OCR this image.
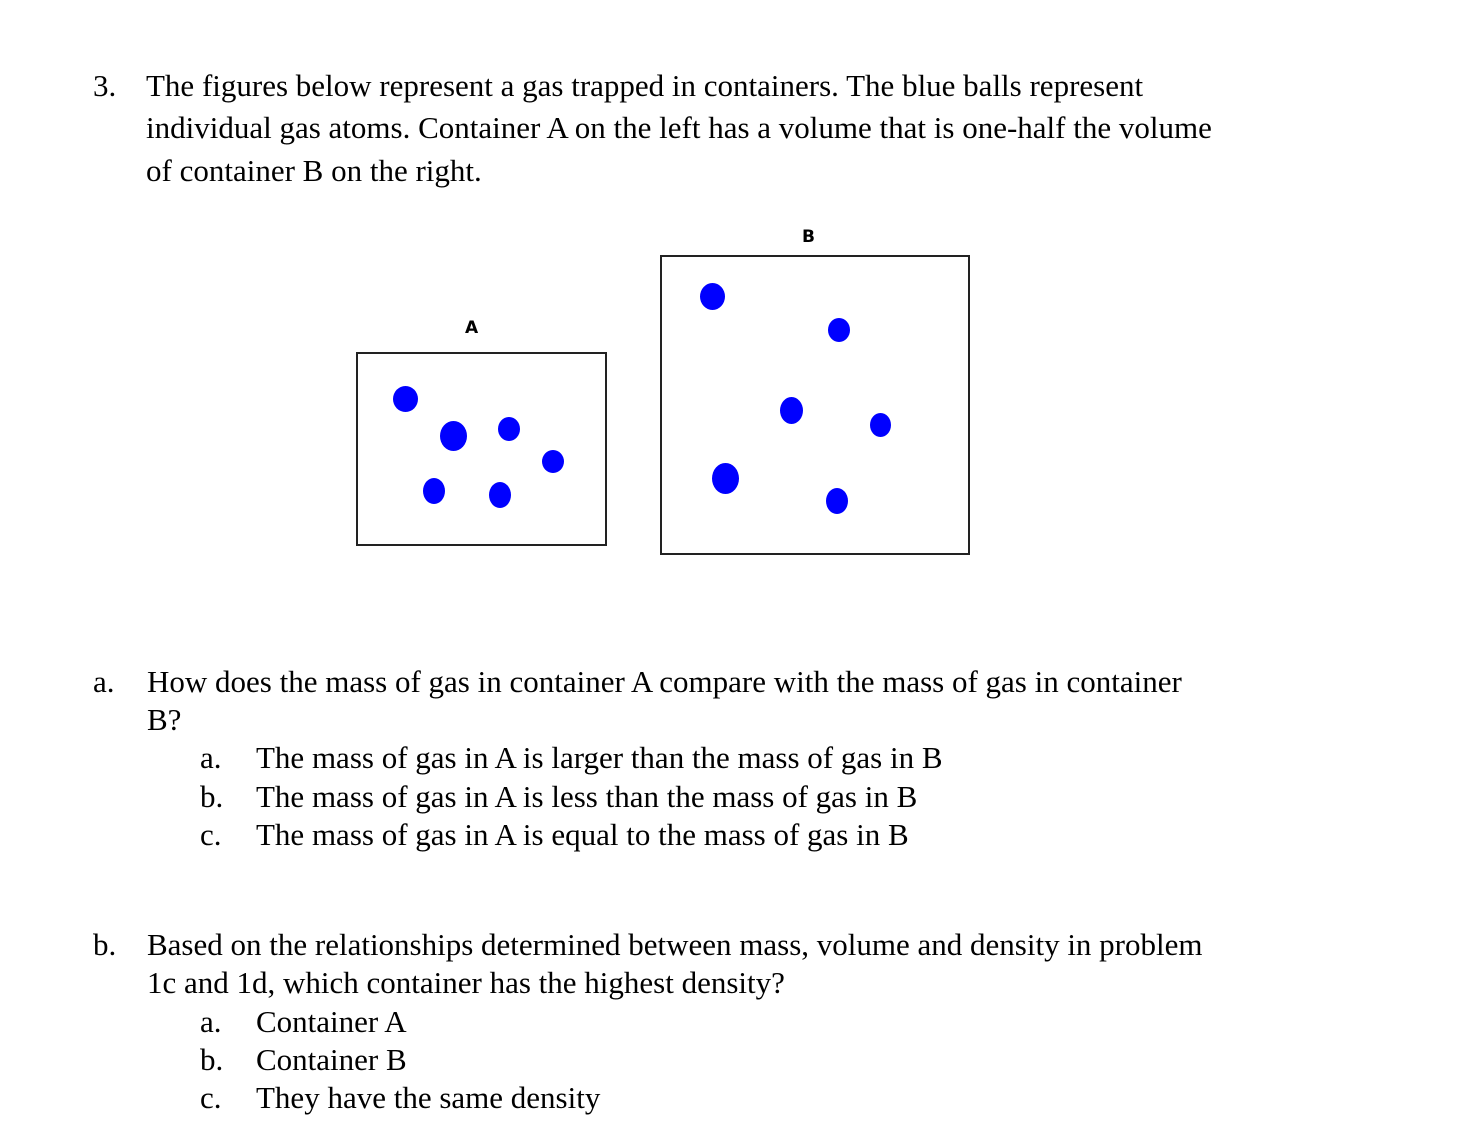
3. The figures below represent a gas trapped in containers. The blue balls represent
individual gas atoms. Container A on the left has a volume that is one-half the volume
of container B on the right.
A
B
a. How does the mass of gas in container A compare with the mass of gas in container
B?
a. The mass of gas in A is larger than the mass of gas in B
b. The mass of gas in A is less than the mass of gas in B
c. The mass of gas in A is equal to the mass of gas in B
b. Based on the relationships determined between mass, volume and density in problem
1c and 1d, which container has the highest density?
a. Container A
b. Container B
c. They have the same density
